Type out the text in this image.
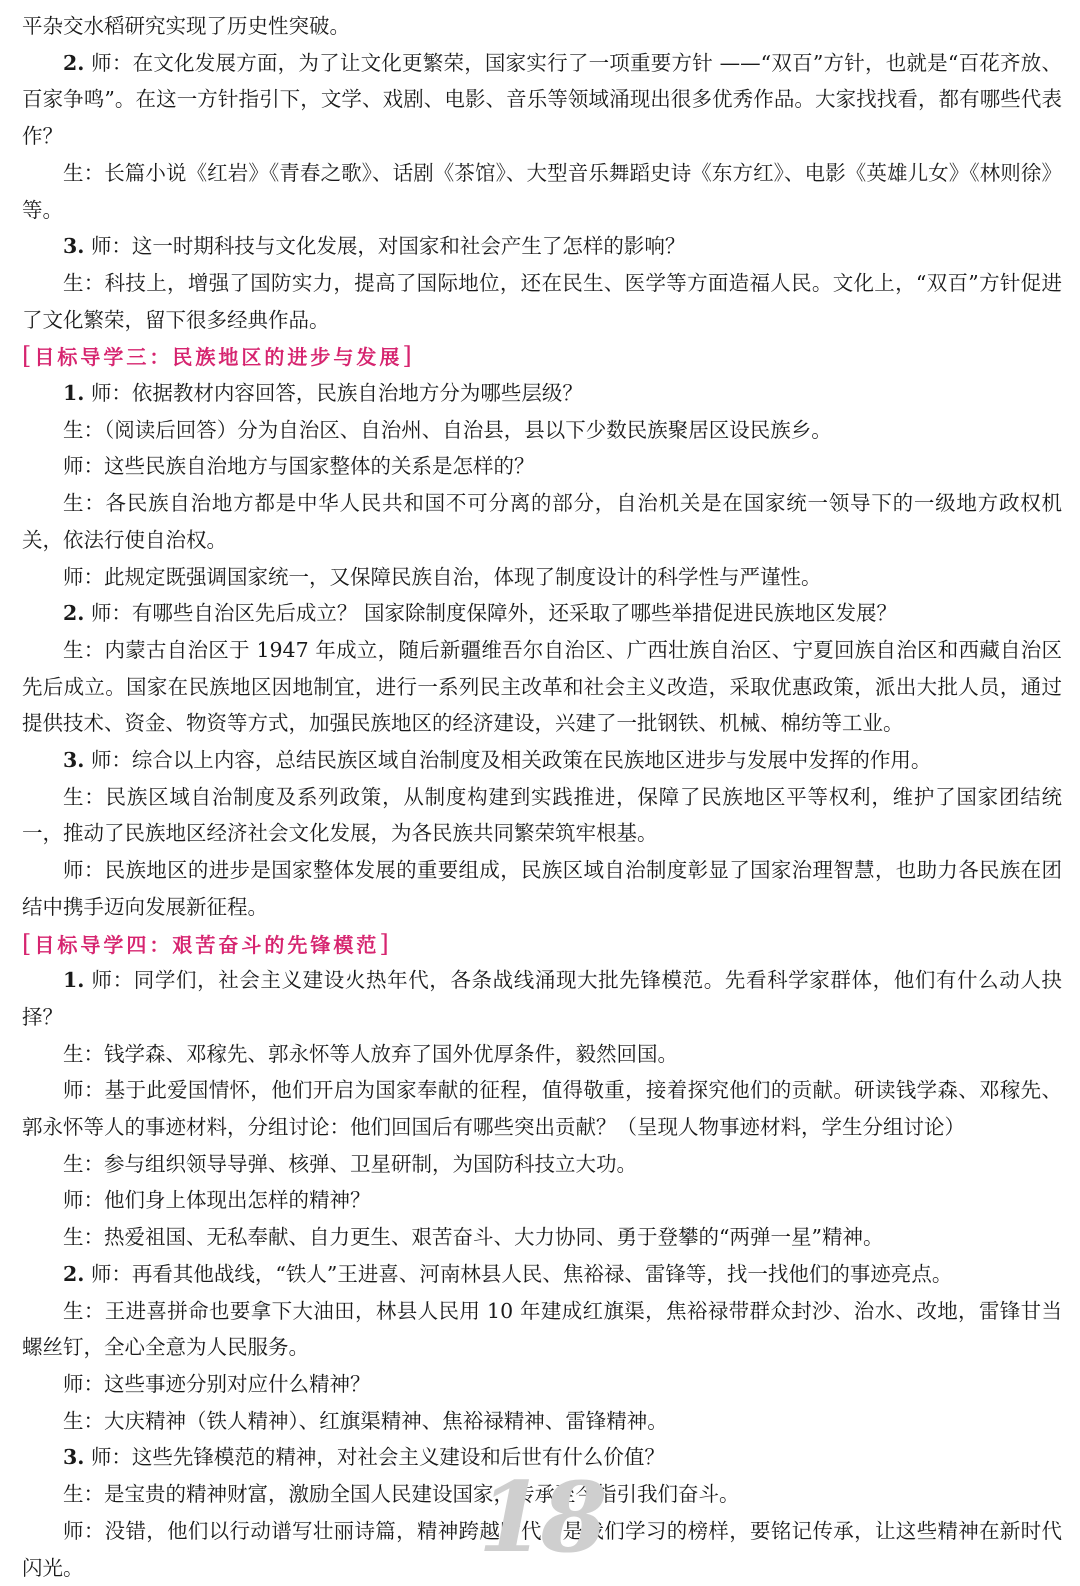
平杂交水稻研究实现了历史性突破。

2. 师：在文化发展方面，为了让文化更繁荣，国家实行了一项重要方针 ——“双百”方针，也就是“百花齐放、百家争鸣”。在这一方针指引下，文学、戏剧、电影、音乐等领域涌现出很多优秀作品。大家找找看，都有哪些代表作？

生：长篇小说《红岩》《青春之歌》、话剧《茶馆》、大型音乐舞蹈史诗《东方红》、电影《英雄儿女》《林则徐》等。

3. 师：这一时期科技与文化发展，对国家和社会产生了怎样的影响？

生：科技上，增强了国防实力，提高了国际地位，还在民生、医学等方面造福人民。文化上，“双百”方针促进了文化繁荣，留下很多经典作品。

[目标导学三：民族地区的进步与发展]

1. 师：依据教材内容回答，民族自治地方分为哪些层级？

生：（阅读后回答）分为自治区、自治州、自治县，县以下少数民族聚居区设民族乡。

师：这些民族自治地方与国家整体的关系是怎样的？

生：各民族自治地方都是中华人民共和国不可分离的部分，自治机关是在国家统一领导下的一级地方政权机关，依法行使自治权。

师：此规定既强调国家统一，又保障民族自治，体现了制度设计的科学性与严谨性。

2. 师：有哪些自治区先后成立？ 国家除制度保障外，还采取了哪些举措促进民族地区发展？

生：内蒙古自治区于 1947 年成立，随后新疆维吾尔自治区、广西壮族自治区、宁夏回族自治区和西藏自治区先后成立。国家在民族地区因地制宜，进行一系列民主改革和社会主义改造，采取优惠政策，派出大批人员，通过提供技术、资金、物资等方式，加强民族地区的经济建设，兴建了一批钢铁、机械、棉纺等工业。

3. 师：综合以上内容，总结民族区域自治制度及相关政策在民族地区进步与发展中发挥的作用。

生：民族区域自治制度及系列政策，从制度构建到实践推进，保障了民族地区平等权利，维护了国家团结统一，推动了民族地区经济社会文化发展，为各民族共同繁荣筑牢根基。

师：民族地区的进步是国家整体发展的重要组成，民族区域自治制度彰显了国家治理智慧，也助力各民族在团结中携手迈向发展新征程。

[目标导学四：艰苦奋斗的先锋模范]

1. 师：同学们，社会主义建设火热年代，各条战线涌现大批先锋模范。先看科学家群体，他们有什么动人抉择？

生：钱学森、邓稼先、郭永怀等人放弃了国外优厚条件，毅然回国。

师：基于此爱国情怀，他们开启为国家奉献的征程，值得敬重，接着探究他们的贡献。研读钱学森、邓稼先、郭永怀等人的事迹材料，分组讨论：他们回国后有哪些突出贡献？（呈现人物事迹材料，学生分组讨论）

生：参与组织领导导弹、核弹、卫星研制，为国防科技立大功。

师：他们身上体现出怎样的精神？

生：热爱祖国、无私奉献、自力更生、艰苦奋斗、大力协同、勇于登攀的“两弹一星”精神。

2. 师：再看其他战线，“铁人”王进喜、河南林县人民、焦裕禄、雷锋等，找一找他们的事迹亮点。

生：王进喜拼命也要拿下大油田，林县人民用 10 年建成红旗渠，焦裕禄带群众封沙、治水、改地，雷锋甘当螺丝钉，全心全意为人民服务。

师：这些事迹分别对应什么精神？

生：大庆精神（铁人精神）、红旗渠精神、焦裕禄精神、雷锋精神。

3. 师：这些先锋模范的精神，对社会主义建设和后世有什么价值？

生：是宝贵的精神财富，激励全国人民建设国家，传承至今指引我们奋斗。

师：没错，他们以行动谱写壮丽诗篇，精神跨越时代，是我们学习的榜样，要铭记传承，让这些精神在新时代闪光。	18
